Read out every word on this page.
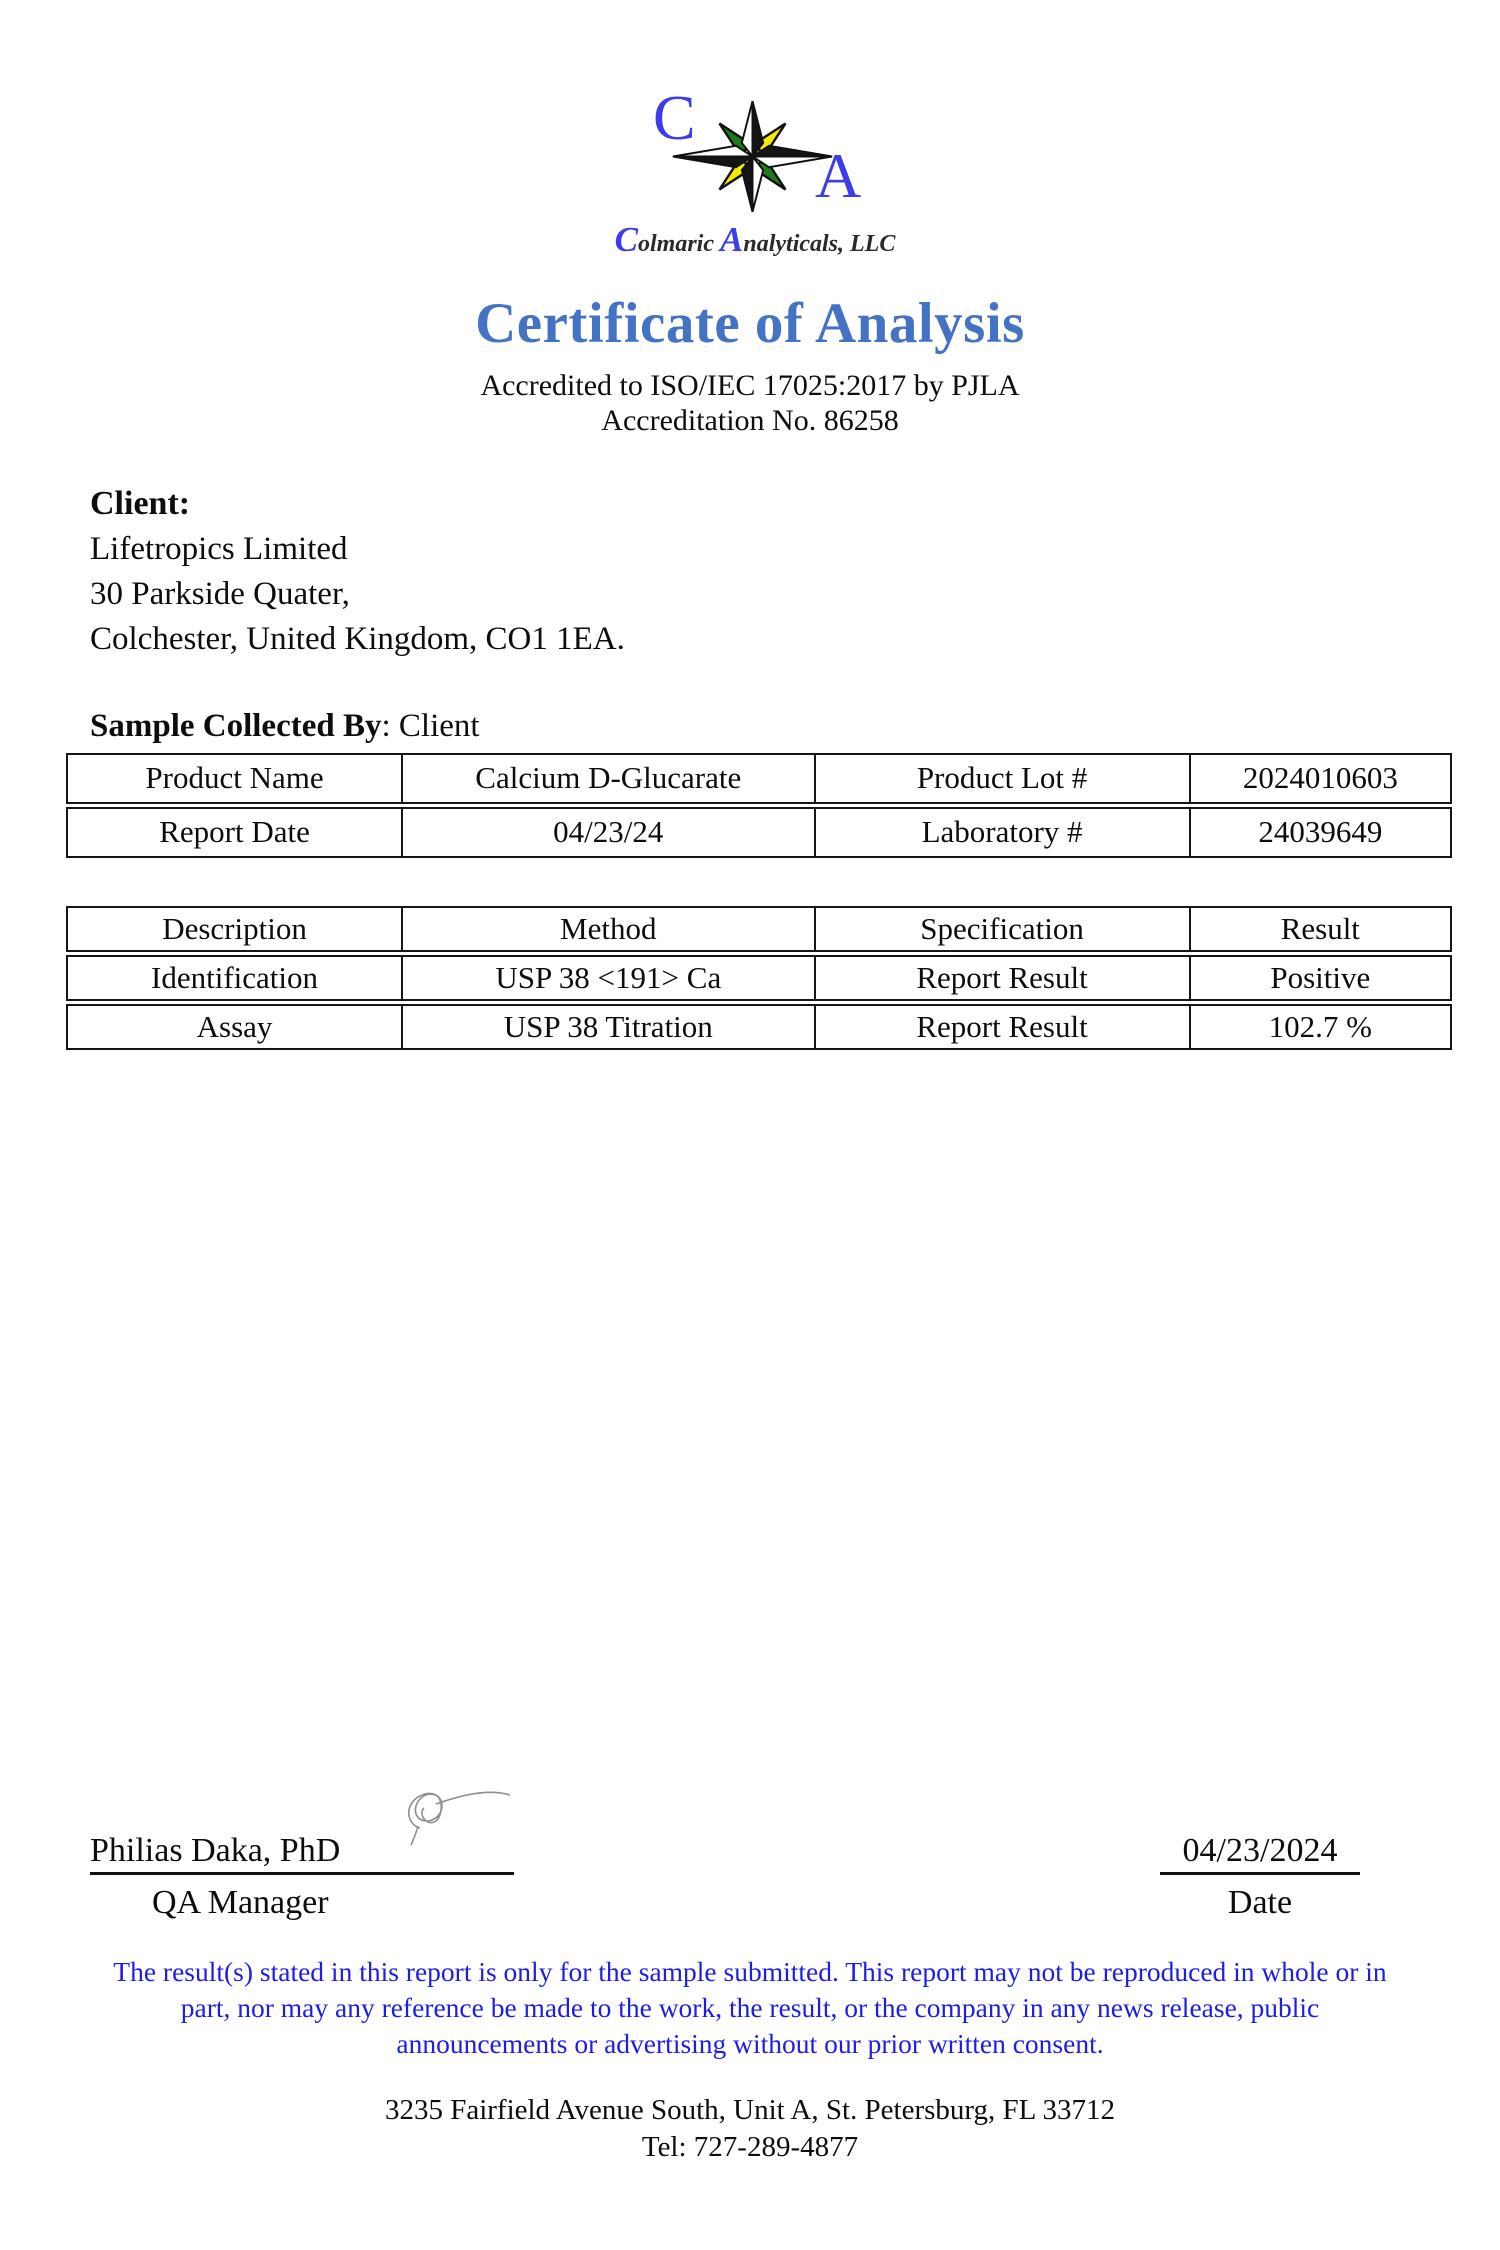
C
A
Colmaric Analyticals, LLC
Certificate of Analysis
Accredited to ISO/IEC 17025:2017 by PJLA
Accreditation No. 86258
Client:
Lifetropics Limited
30 Parkside Quater,
Colchester, United Kingdom, CO1 1EA.
Sample Collected By: Client
Product Name	Calcium D-Glucarate	Product Lot #	2024010603
Report Date	04/23/24	Laboratory #	24039649
Description	Method	Specification	Result
Identification	USP 38 <191> Ca	Report Result	Positive
Assay	USP 38 Titration	Report Result	102.7 %
Philias Daka, PhD
QA Manager
04/23/2024
Date
The result(s) stated in this report is only for the sample submitted. This report may not be reproduced in whole or in
part, nor may any reference be made to the work, the result, or the company in any news release, public
announcements or advertising without our prior written consent.
3235 Fairfield Avenue South, Unit A, St. Petersburg, FL 33712
Tel: 727-289-4877
